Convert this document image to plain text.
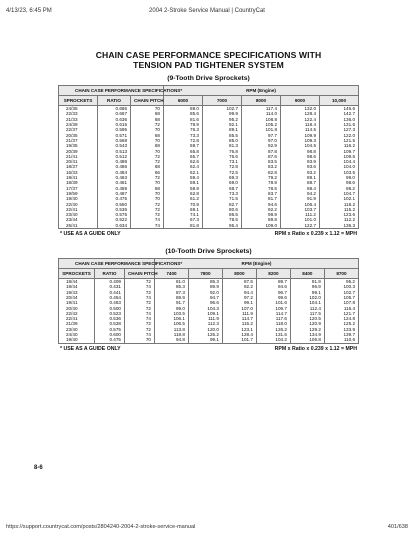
4/13/23, 6:45 PM	2004 2-Stroke Service Manual | CountryCat
CHAIN CASE PERFORMANCE SPECIFICATIONS WITH
TENSION PAD TIGHTENER SYSTEM
(9-Tooth Drive Sprockets)
CHAIN CASE PERFORMANCE SPECIFICATIONS*			RPM (Engine)				
SPROCKETS	RATIO	CHAIN PITCH	6000	7000	8000	9000	10,000
24/35	0.686	70	88.0	102.7	117.4	132.0	146.6
22/33	0.667	68	85.6	99.9	114.0	128.4	142.7
21/33	0.636	68	81.6	95.2	108.8	122.4	136.0
24/39	0.615	72	78.9	92.1	105.2	118.4	131.6
22/37	0.595	70	76.3	89.1	101.8	114.5	127.3
20/35	0.571	68	73.3	85.5	97.7	109.9	122.0
21/37	0.568	70	72.8	85.0	97.0	109.3	121.5
19/35	0.543	68	69.7	81.3	92.9	104.5	116.2
20/39	0.513	70	65.8	76.8	87.8	98.8	109.7
21/41	0.512	72	65.7	76.6	87.6	98.6	109.5
20/41	0.488	72	62.6	73.1	83.5	93.9	104.4
18/37	0.486	68	62.4	72.8	83.2	93.6	104.0
16/33	0.484	66	62.1	72.5	82.8	93.2	103.5
19/41	0.463	72	59.4	69.3	79.2	89.1	99.0
18/39	0.461	70	59.1	69.0	78.9	88.7	98.6
17/37	0.459	68	58.9	68.7	78.5	88.4	98.2
19/59	0.487	70	62.8	73.3	83.7	94.2	104.7
19/40	0.475	70	61.2	71.5	81.7	91.9	102.1
22/40	0.550	72	70.9	82.7	94.6	106.4	118.2
22/41	0.536	72	69.1	80.6	92.2	103.7	115.2
23/40	0.575	72	74.1	86.5	98.9	111.2	123.6
23/44	0.522	74	67.3	78.5	89.8	101.0	112.2
26/41	0.634	74	81.8	95.4	109.0	122.7	136.3
* USE AS A GUIDE ONLY	RPM x Ratio x 0.239 x 1.12 = MPH
(10-Tooth Drive Sprockets)
CHAIN CASE PERFORMANCE SPECIFICATIONS*			RPM (Engine)					
SPROCKETS	RATIO	CHAIN PITCH	7400	7800	8000	8200	8400	8700
18/44	0.409	72	81.0	85.3	87.5	89.7	91.9	95.2
19/44	0.431	74	85.3	89.9	92.2	94.6	96.9	100.3
19/43	0.441	72	87.3	92.0	94.4	96.7	99.1	102.7
20/44	0.454	74	89.9	94.7	97.2	99.6	102.0	105.7
19/41	0.463	72	91.7	96.6	99.1	101.6	104.1	107.8
20/40	0.500	72	99.0	104.3	107.0	109.7	112.4	116.4
22/42	0.523	74	103.5	109.1	111.9	114.7	117.5	121.7
22/41	0.536	74	106.1	111.9	114.7	117.6	120.5	124.8
21/39	0.538	72	106.5	112.3	115.2	118.0	120.9	125.2
23/40	0.575	72	113.8	120.0	123.1	126.2	129.2	133.9
24/40	0.600	74	118.8	125.2	128.4	131.6	134.9	139.7
19/40	0.475	70	94.8	99.1	101.7	104.2	106.8	110.6
* USE AS A GUIDE ONLY	RPM x Ratio x 0.239 x 1.12 = MPH
8-6
https://support.countrycat.com/posts/2804240-2004-2-stroke-service-manual	401/638
